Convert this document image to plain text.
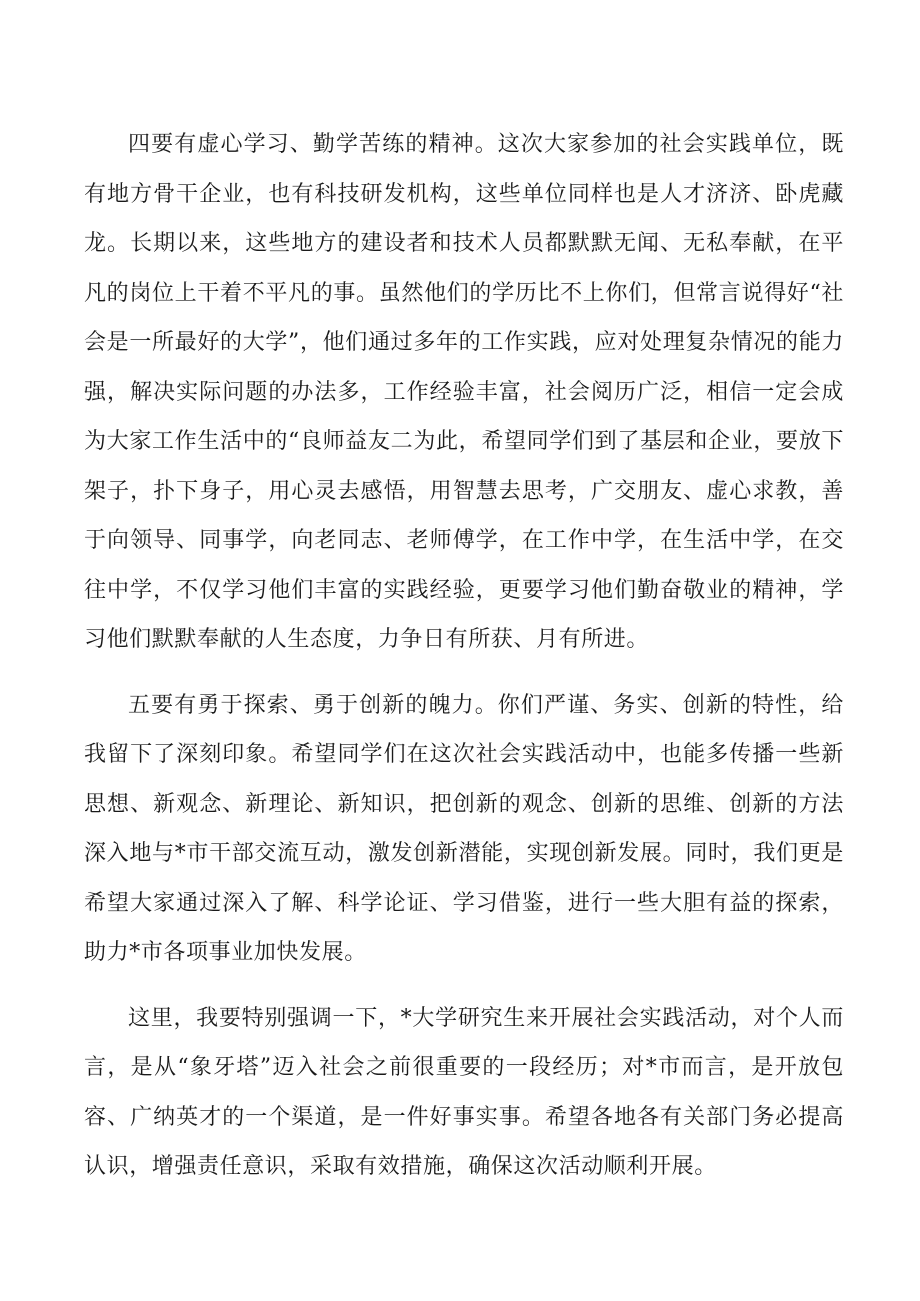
四要有虚心学习、勤学苦练的精神。这次大家参加的社会实践单位，既有地方骨干企业，也有科技研发机构，这些单位同样也是人才济济、卧虎藏龙。长期以来，这些地方的建设者和技术人员都默默无闻、无私奉献，在平凡的岗位上干着不平凡的事。虽然他们的学历比不上你们，但常言说得好“社会是一所最好的大学”，他们通过多年的工作实践，应对处理复杂情况的能力强，解决实际问题的办法多，工作经验丰富，社会阅历广泛，相信一定会成为大家工作生活中的“良师益友二为此，希望同学们到了基层和企业，要放下架子，扑下身子，用心灵去感悟，用智慧去思考，广交朋友、虚心求教，善于向领导、同事学，向老同志、老师傅学，在工作中学，在生活中学，在交往中学，不仅学习他们丰富的实践经验，更要学习他们勤奋敬业的精神，学习他们默默奉献的人生态度，力争日有所获、月有所进。

五要有勇于探索、勇于创新的魄力。你们严谨、务实、创新的特性，给我留下了深刻印象。希望同学们在这次社会实践活动中，也能多传播一些新思想、新观念、新理论、新知识，把创新的观念、创新的思维、创新的方法深入地与*市干部交流互动，激发创新潜能，实现创新发展。同时，我们更是希望大家通过深入了解、科学论证、学习借鉴，进行一些大胆有益的探索，助力*市各项事业加快发展。

这里，我要特别强调一下，*大学研究生来开展社会实践活动，对个人而言，是从“象牙塔”迈入社会之前很重要的一段经历；对*市而言，是开放包容、广纳英才的一个渠道，是一件好事实事。希望各地各有关部门务必提高认识，增强责任意识，采取有效措施，确保这次活动顺利开展。
